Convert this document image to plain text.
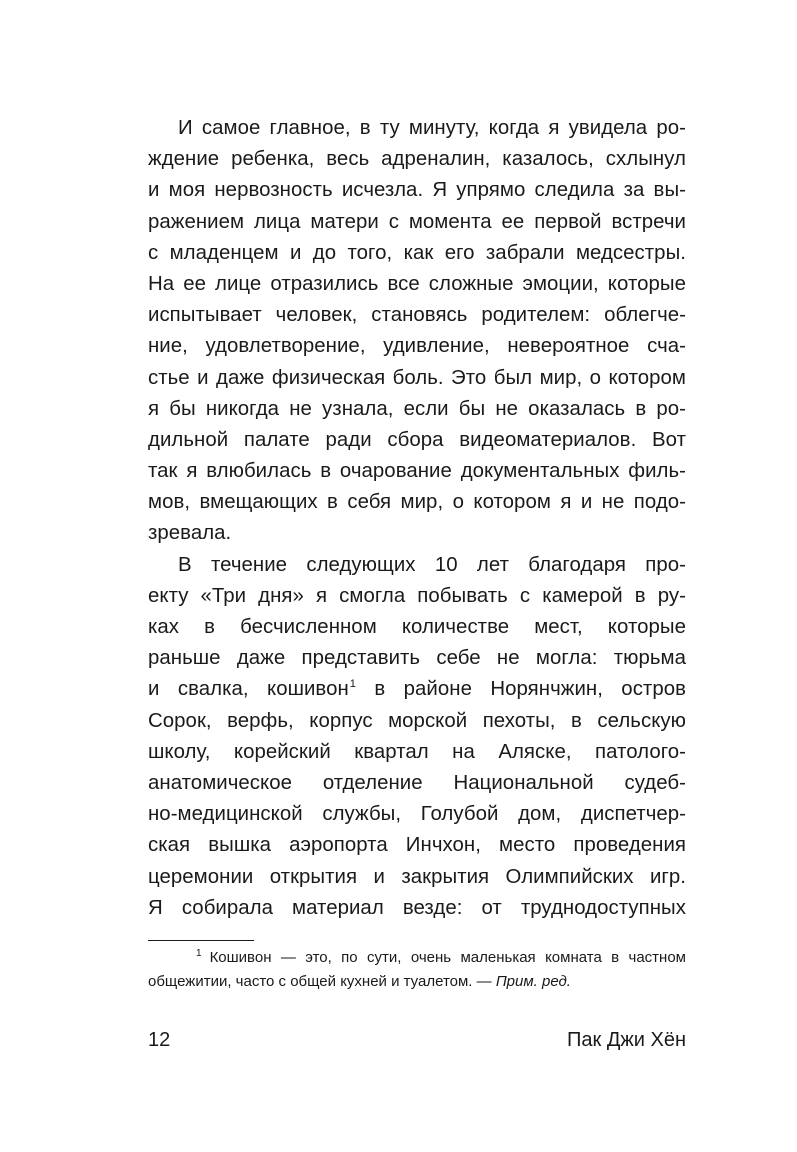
И самое главное, в ту минуту, когда я увидела ро-
ждение ребенка, весь адреналин, казалось, схлынул
и моя нервозность исчезла. Я упрямо следила за вы-
ражением лица матери с момента ее первой встречи
с младенцем и до того, как его забрали медсестры.
На ее лице отразились все сложные эмоции, которые
испытывает человек, становясь родителем: облегче-
ние, удовлетворение, удивление, невероятное сча-
стье и даже физическая боль. Это был мир, о котором
я бы никогда не узнала, если бы не оказалась в ро-
дильной палате ради сбора видеоматериалов. Вот
так я влюбилась в очарование документальных филь-
мов, вмещающих в себя мир, о котором я и не подо-
зревала.
В течение следующих 10 лет благодаря про-
екту «Три дня» я смогла побывать с камерой в ру-
ках в бесчисленном количестве мест, которые
раньше даже представить себе не могла: тюрьма
и свалка, кошивон$^1$ в районе Норянчжин, остров
Сорок, верфь, корпус морской пехоты, в сельскую
школу, корейский квартал на Аляске, патолого-
анатомическое отделение Национальной судеб-
но-медицинской службы, Голубой дом, диспетчер-
ская вышка аэропорта Инчхон, место проведения
церемонии открытия и закрытия Олимпийских игр.
Я собирала материал везде: от труднодоступных
$^1$ Кошивон — это, по сути, очень маленькая комната в частном
общежитии, часто с общей кухней и туалетом. — Прим. ред.
12	Пак Джи Хён
